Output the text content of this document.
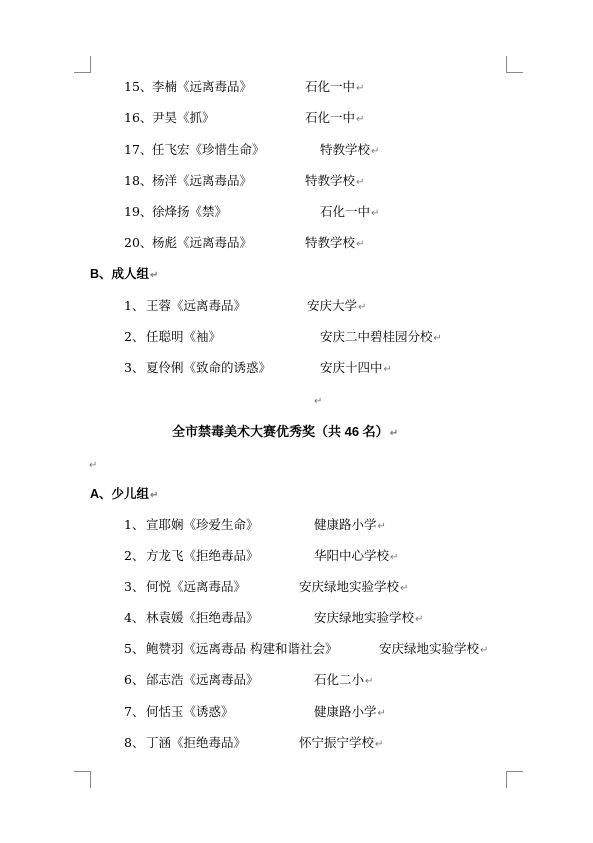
15、 李楠《远离毒品》	石化一中↵
16、 尹昊《抓》	石化一中↵
17、 任飞宏《珍惜生命》	特教学校↵
18、 杨洋《远离毒品》	特教学校↵
19、 徐烽扬《禁》	石化一中↵
20、 杨彪《远离毒品》	特教学校↵
B、成人组↵
1、 王蓉《远离毒品》	安庆大学↵
2、 任聪明《袖》	安庆二中碧桂园分校↵
3、 夏伶俐《致命的诱惑》	安庆十四中↵
↵
全市禁毒美术大赛优秀奖（共 46 名）↵
↵
A、少儿组↵
1、 宣耶娴《珍爱生命》	健康路小学↵
2、 方龙飞《拒绝毒品》	华阳中心学校↵
3、 何悦《远离毒品》	安庆绿地实验学校↵
4、 林袁媛《拒绝毒品》	安庆绿地实验学校↵
5、 鲍赞羽《远离毒品 构建和谐社会》	安庆绿地实验学校↵
6、 邰志浩《远离毒品》	石化二小↵
7、 何恬玉《诱惑》	健康路小学↵
8、 丁涵《拒绝毒品》	怀宁振宁学校↵
